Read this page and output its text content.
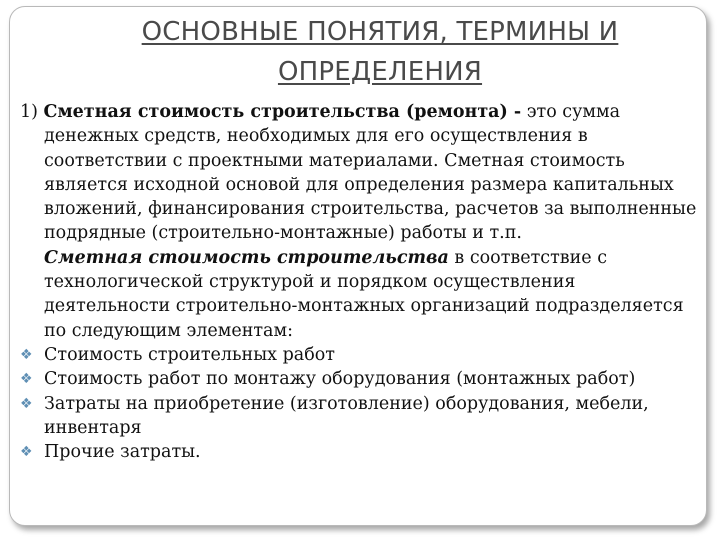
ОСНОВНЫЕ ПОНЯТИЯ, ТЕРМИНЫ И
ОПРЕДЕЛЕНИЯ

1) Сметная стоимость строительства (ремонта) - это сумма денежных средств, необходимых для его осуществления в соответствии с проектными материалами. Сметная стоимость является исходной основой для определения размера капитальных вложений, финансирования строительства, расчетов за выполненные подрядные (строительно-монтажные) работы и т.п.

Сметная стоимость строительства в соответствие с технологической структурой и порядком осуществления деятельности строительно-монтажных организаций подразделяется по следующим элементам:

❖ Стоимость строительных работ

❖ Стоимость работ по монтажу оборудования (монтажных работ)

❖ Затраты на приобретение (изготовление) оборудования, мебели, инвентаря

❖ Прочие затраты.
